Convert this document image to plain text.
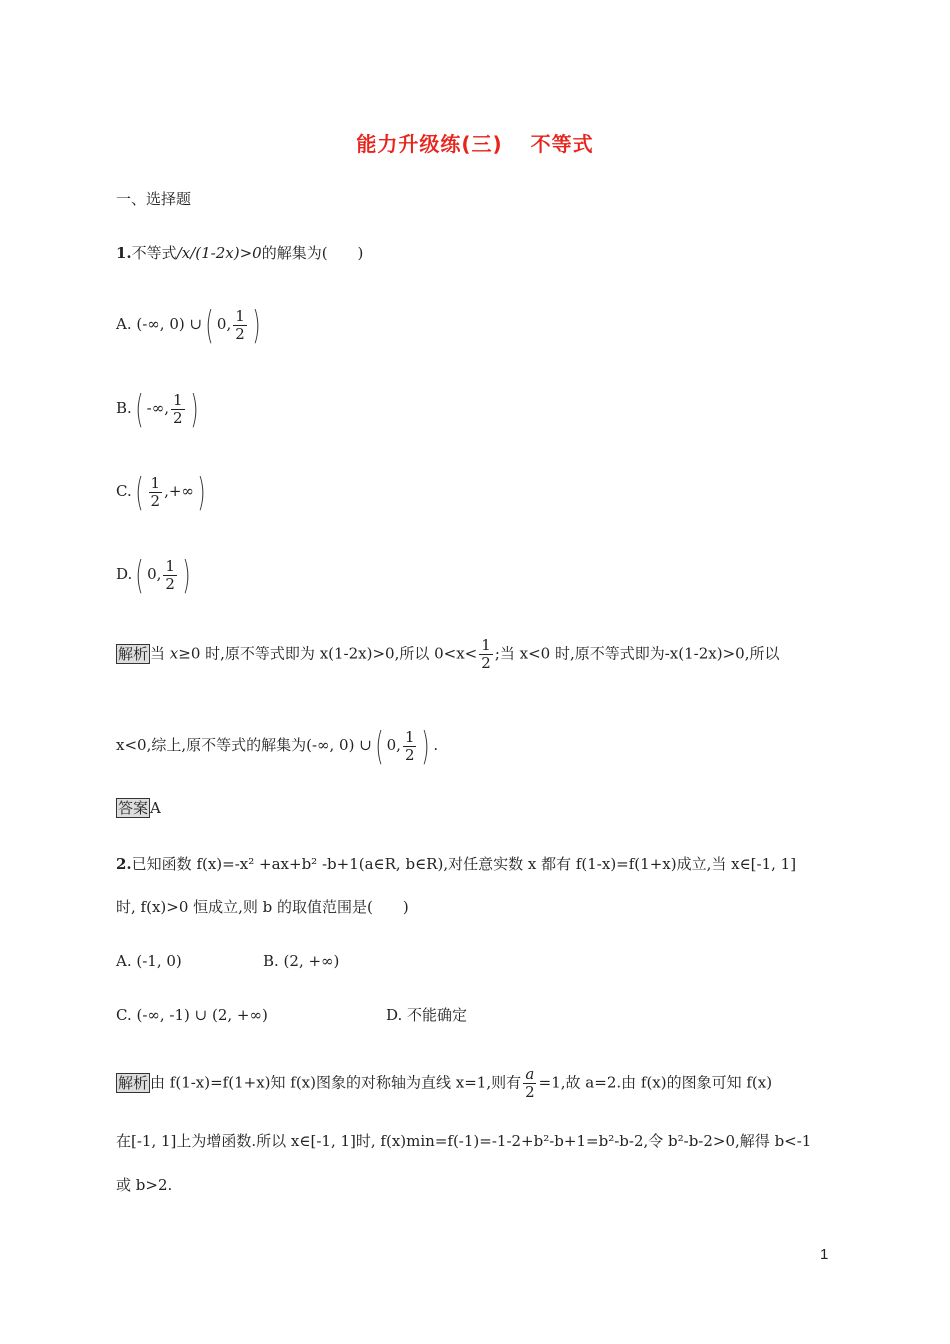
能力升级练(三) 不等式
一、选择题
1.不等式/x/(1-2x)>0的解集为(　　)
A. (-∞, 0) ∪( 0, $\frac{1}{2}$ )
B.( -∞, $\frac{1}{2}$ )
$C.( \frac{1}{2}$ ,+∞)
D.( 0, $\frac{1}{2}$ )
解析 当 x≥0 时,原不等式即为 x(1-2x)>0,所以 $0<x< \frac{1}{2}$ ;当 x<0 时,原不等式即为-x(1-2x)>0,所以
x<0,综上,原不等式的解集为(-∞, 0) ∪( 0, $\frac{1}{2}$ ) .
答案 A
2.已知函数 f(x)=-x² +ax+b² -b+1(a∈R, b∈R),对任意实数 x 都有 f(1-x)=f(1+x)成立,当 x∈[-1, 1]
时, f(x)>0 恒成立,则 b 的取值范围是(　　)
A. (-1, 0)	B. (2, +∞)
C. (-∞, -1) ∪ (2, +∞)	D. 不能确定
解析 由 f(1-x)=f(1+x)知 f(x)图象的对称轴为直线 x=1,则有 $\frac{a}{2} =1$,故 a=2.由 f(x)的图象可知 f(x)
在[-1, 1]上为增函数.所以 x∈[-1, 1]时, f(x)min=f(-1)=-1-2+b²-b+1=b²-b-2,令 b²-b-2>0,解得 b<-1
或 b>2.
1
